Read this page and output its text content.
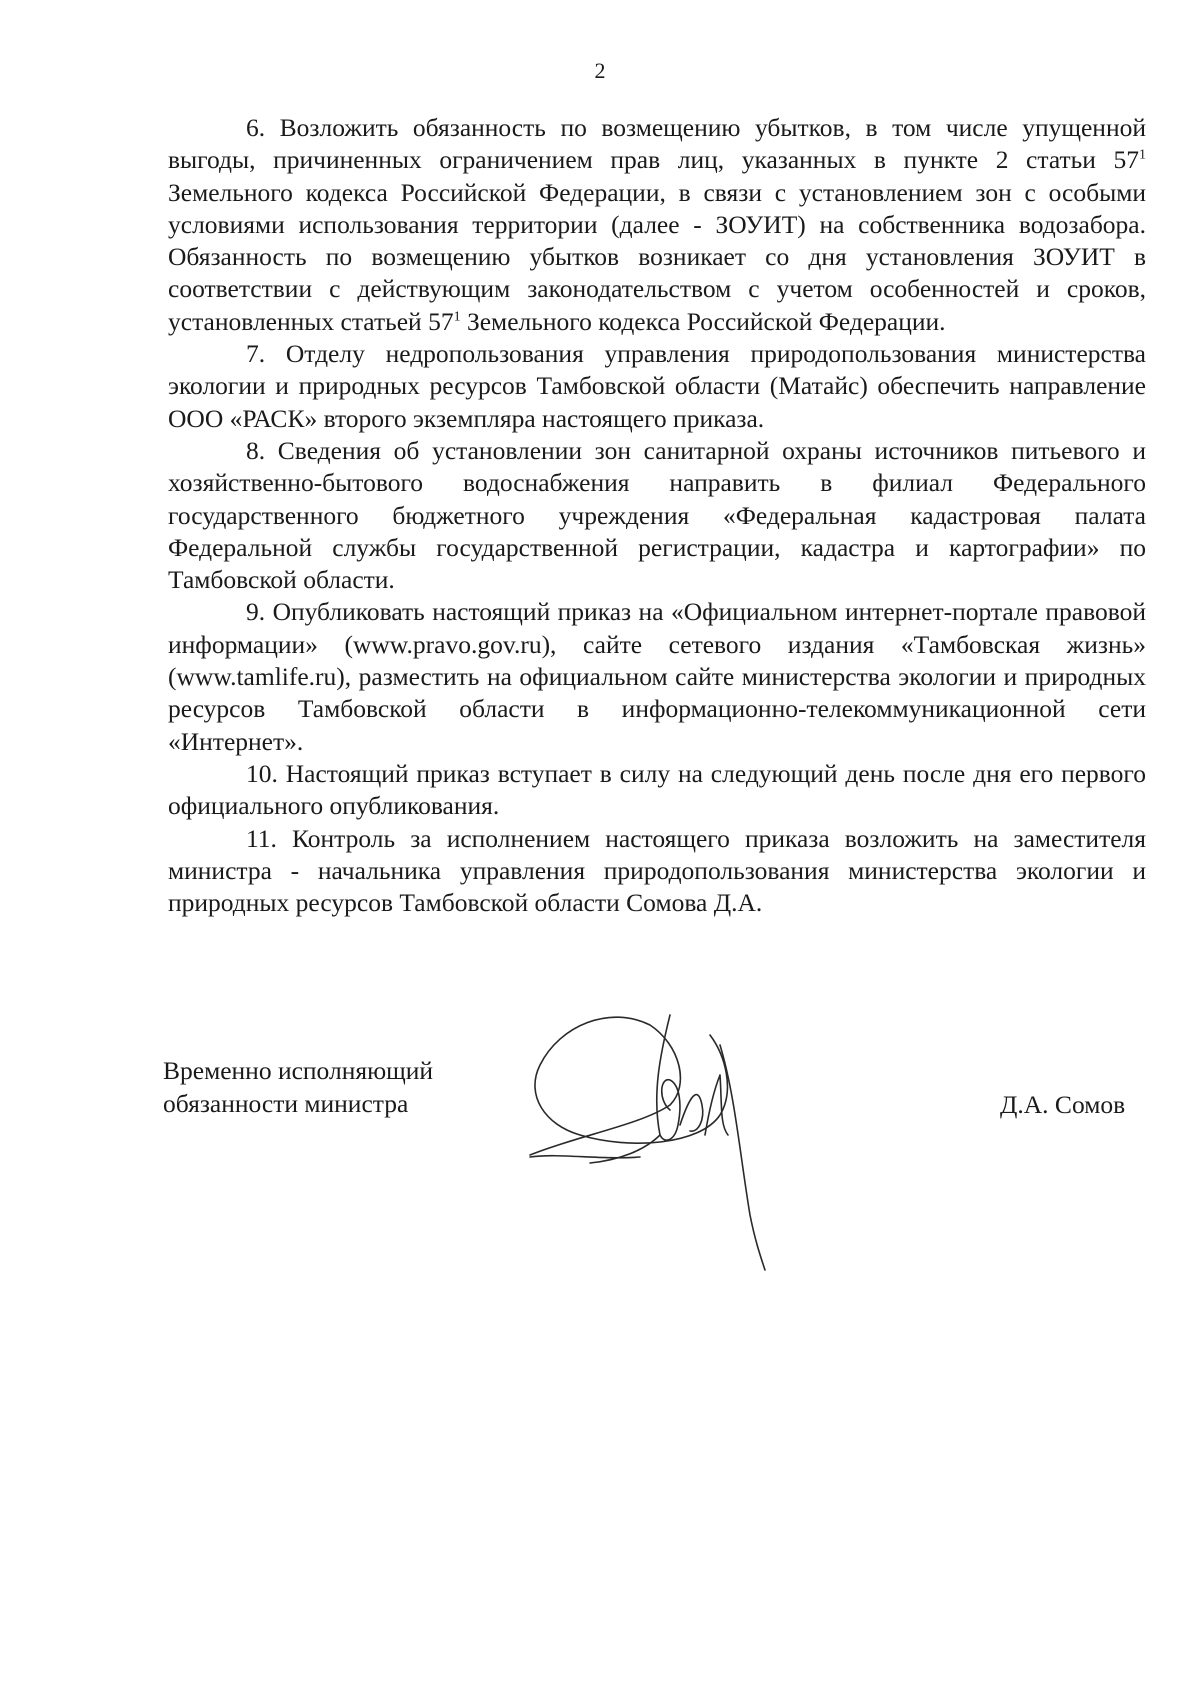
2

6. Возложить обязанность по возмещению убытков, в том числе упущенной выгоды, причиненных ограничением прав лиц, указанных в пункте 2 статьи $57^1$ Земельного кодекса Российской Федерации, в связи с установлением зон с особыми условиями использования территории (далее - ЗОУИТ) на собственника водозабора. Обязанность по возмещению убытков возникает со дня установления ЗОУИТ в соответствии с действующим законодательством с учетом особенностей и сроков, установленных статьей $57^1$ Земельного кодекса Российской Федерации.

7. Отделу недропользования управления природопользования министерства экологии и природных ресурсов Тамбовской области (Матайс) обеспечить направление ООО «РАСК» второго экземпляра настоящего приказа.

8. Сведения об установлении зон санитарной охраны источников питьевого и хозяйственно-бытового водоснабжения направить в филиал Федерального государственного бюджетного учреждения «Федеральная кадастровая палата Федеральной службы государственной регистрации, кадастра и картографии» по Тамбовской области.

9. Опубликовать настоящий приказ на «Официальном интернет-портале правовой информации» (www.pravo.gov.ru), сайте сетевого издания «Тамбовская жизнь» (www.tamlife.ru), разместить на официальном сайте министерства экологии и природных ресурсов Тамбовской области в информационно-телекоммуникационной сети «Интернет».

10. Настоящий приказ вступает в силу на следующий день после дня его первого официального опубликования.

11. Контроль за исполнением настоящего приказа возложить на заместителя министра - начальника управления природопользования министерства экологии и природных ресурсов Тамбовской области Сомова Д.А.

Временно исполняющий
обязанности министра	Д.А. Сомов
